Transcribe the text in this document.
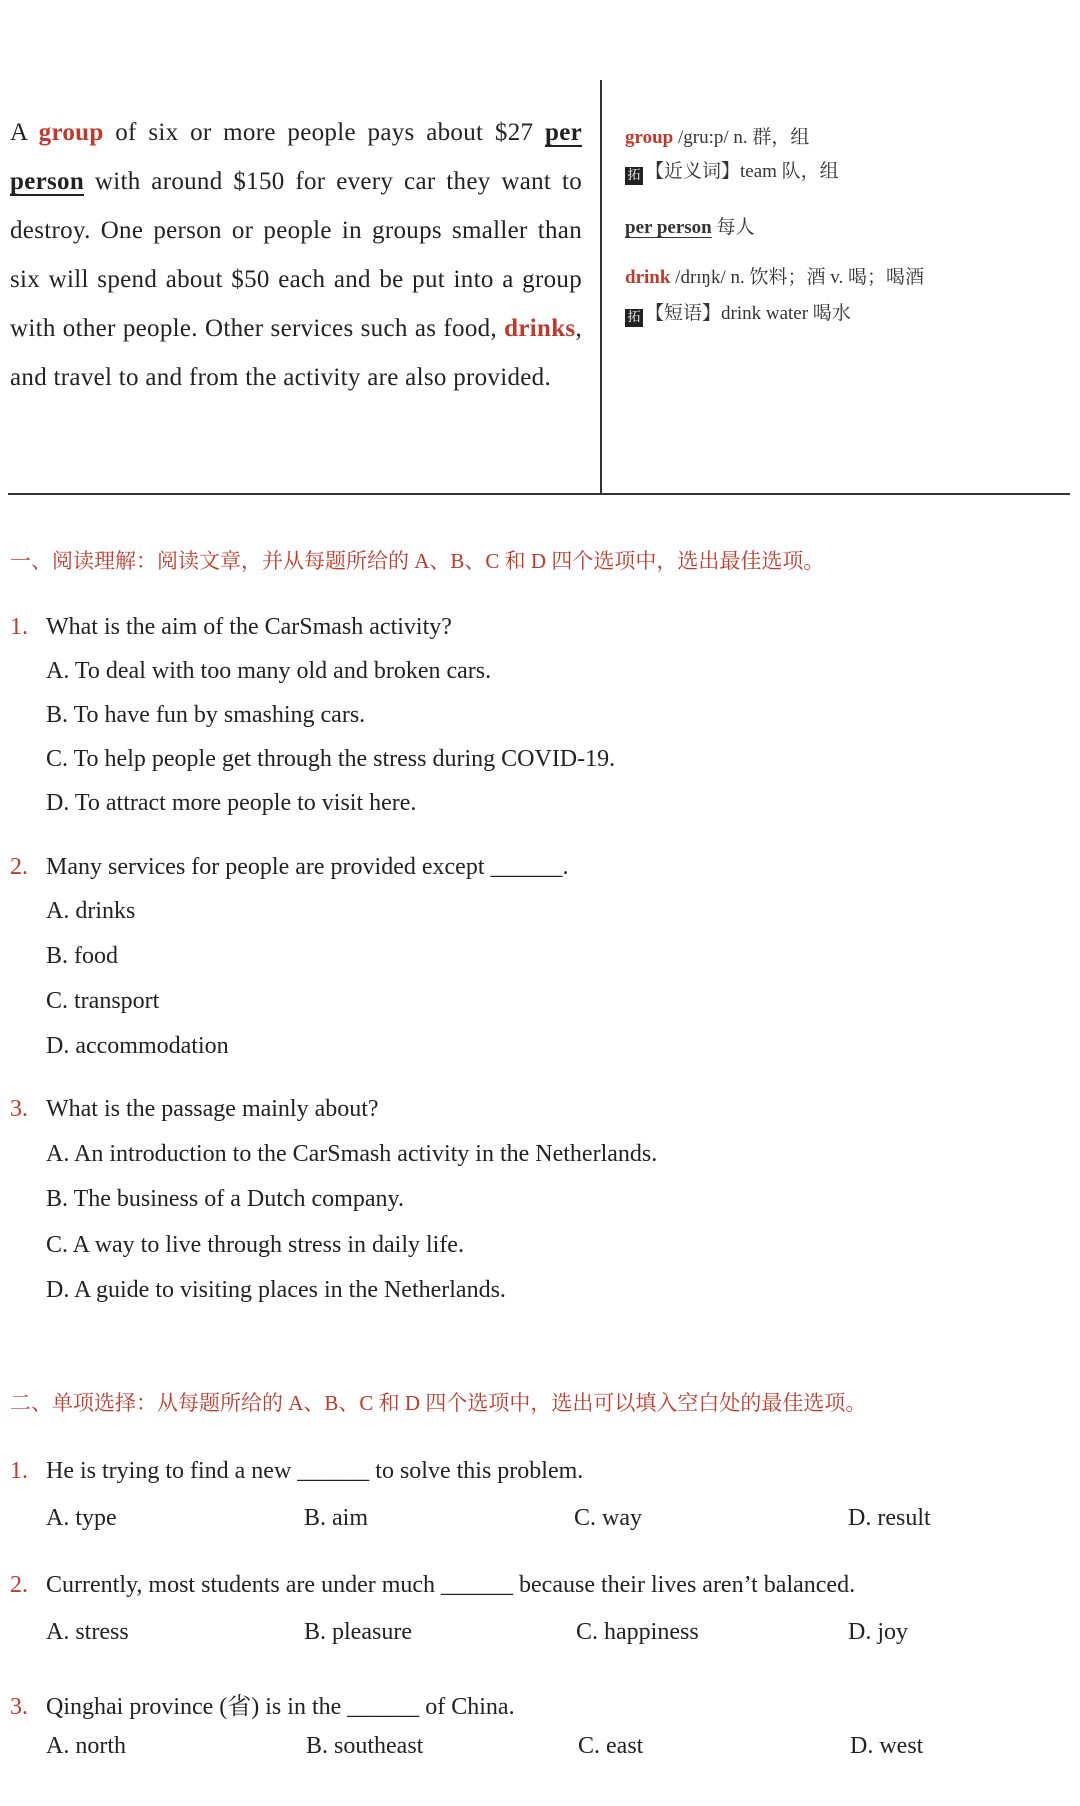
A group of six or more people pays about $27 per person with around $150 for every car they want to destroy. One person or people in groups smaller than six will spend about $50 each and be put into a group with other people. Other services such as food, drinks, and travel to and from the activity are also provided.
group /gru:p/ n. 群，组
拓 【近义词】team 队，组
per person 每人
drink /drɪŋk/ n. 饮料；酒 v. 喝；喝酒
拓 【短语】drink water 喝水
一、阅读理解：阅读文章，并从每题所给的 A、B、C 和 D 四个选项中，选出最佳选项。
1. What is the aim of the CarSmash activity?
A. To deal with too many old and broken cars.
B. To have fun by smashing cars.
C. To help people get through the stress during COVID-19.
D. To attract more people to visit here.
2. Many services for people are provided except ______.
A. drinks
B. food
C. transport
D. accommodation
3. What is the passage mainly about?
A. An introduction to the CarSmash activity in the Netherlands.
B. The business of a Dutch company.
C. A way to live through stress in daily life.
D. A guide to visiting places in the Netherlands.
二、单项选择：从每题所给的 A、B、C 和 D 四个选项中，选出可以填入空白处的最佳选项。
1. He is trying to find a new ______ to solve this problem.
A. type	B. aim	C. way	D. result
2. Currently, most students are under much ______ because their lives aren’t balanced.
A. stress	B. pleasure	C. happiness	D. joy
3. Qinghai province (省) is in the ______ of China.
A. north	B. southeast	C. east	D. west
